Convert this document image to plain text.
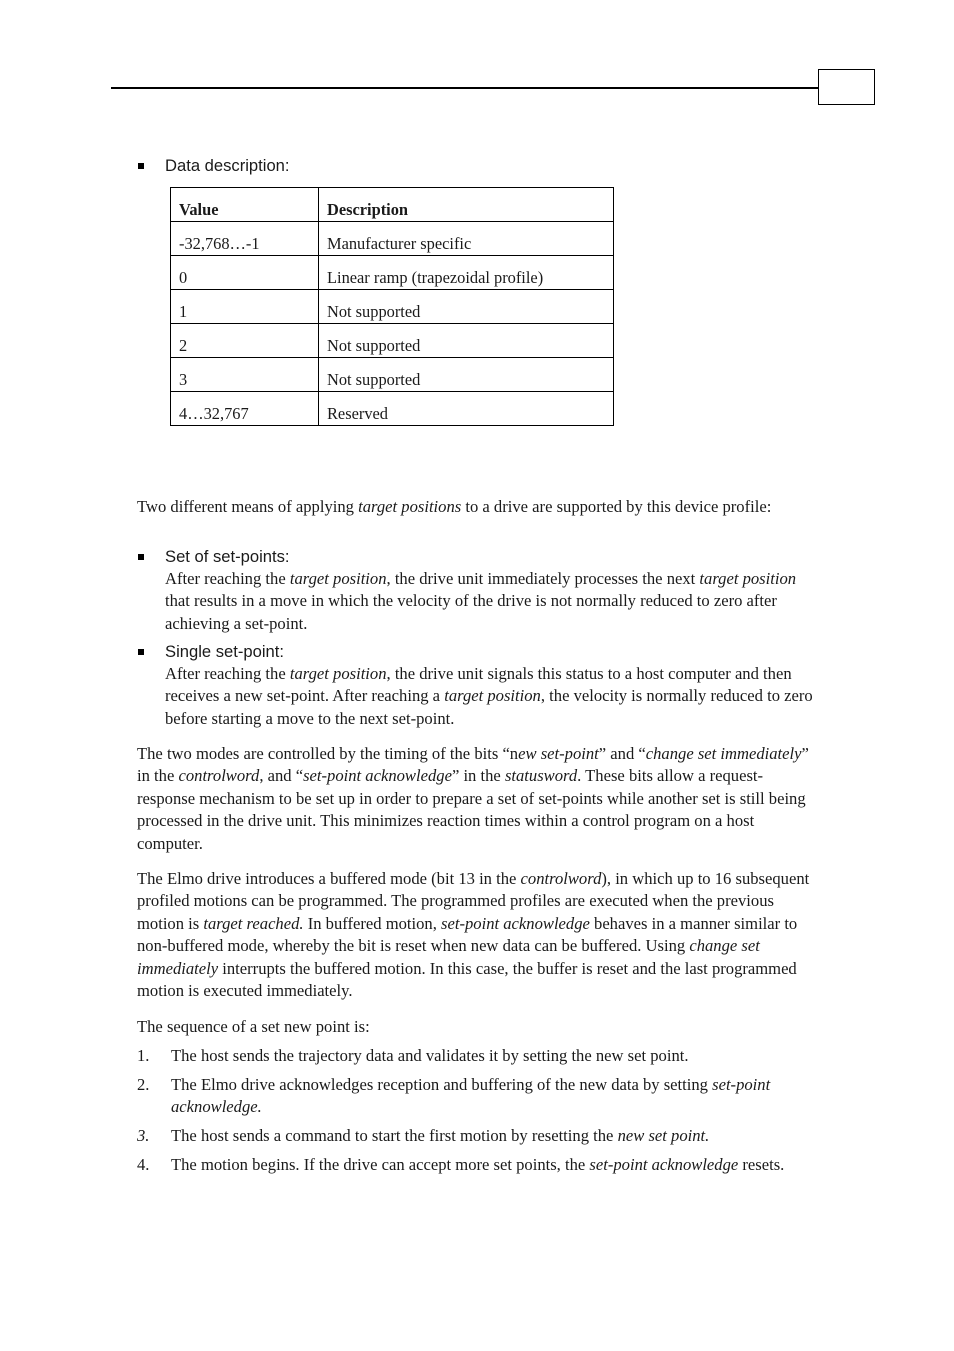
Data description:
Value	Description
-32,768…-1	Manufacturer specific
0	Linear ramp (trapezoidal profile)
1	Not supported
2	Not supported
3	Not supported
4…32,767	Reserved
Two different means of applying target positions to a drive are supported by this device profile:
Set of set-points:
After reaching the target position, the drive unit immediately processes the next target position that results in a move in which the velocity of the drive is not normally reduced to zero after achieving a set-point.
Single set-point:
After reaching the target position, the drive unit signals this status to a host computer and then receives a new set-point. After reaching a target position, the velocity is normally reduced to zero before starting a move to the next set-point.
The two modes are controlled by the timing of the bits “new set-point” and “change set immediately” in the controlword, and “set-point acknowledge” in the statusword. These bits allow a request-response mechanism to be set up in order to prepare a set of set-points while another set is still being processed in the drive unit. This minimizes reaction times within a control program on a host computer.
The Elmo drive introduces a buffered mode (bit 13 in the controlword), in which up to 16 subsequent profiled motions can be programmed. The programmed profiles are executed when the previous motion is target reached. In buffered motion, set-point acknowledge behaves in a manner similar to non-buffered mode, whereby the bit is reset when new data can be buffered. Using change set immediately interrupts the buffered motion. In this case, the buffer is reset and the last programmed motion is executed immediately.
The sequence of a set new point is:
1. The host sends the trajectory data and validates it by setting the new set point.
2. The Elmo drive acknowledges reception and buffering of the new data by setting set-point acknowledge.
3. The host sends a command to start the first motion by resetting the new set point.
4. The motion begins. If the drive can accept more set points, the set-point acknowledge resets.
